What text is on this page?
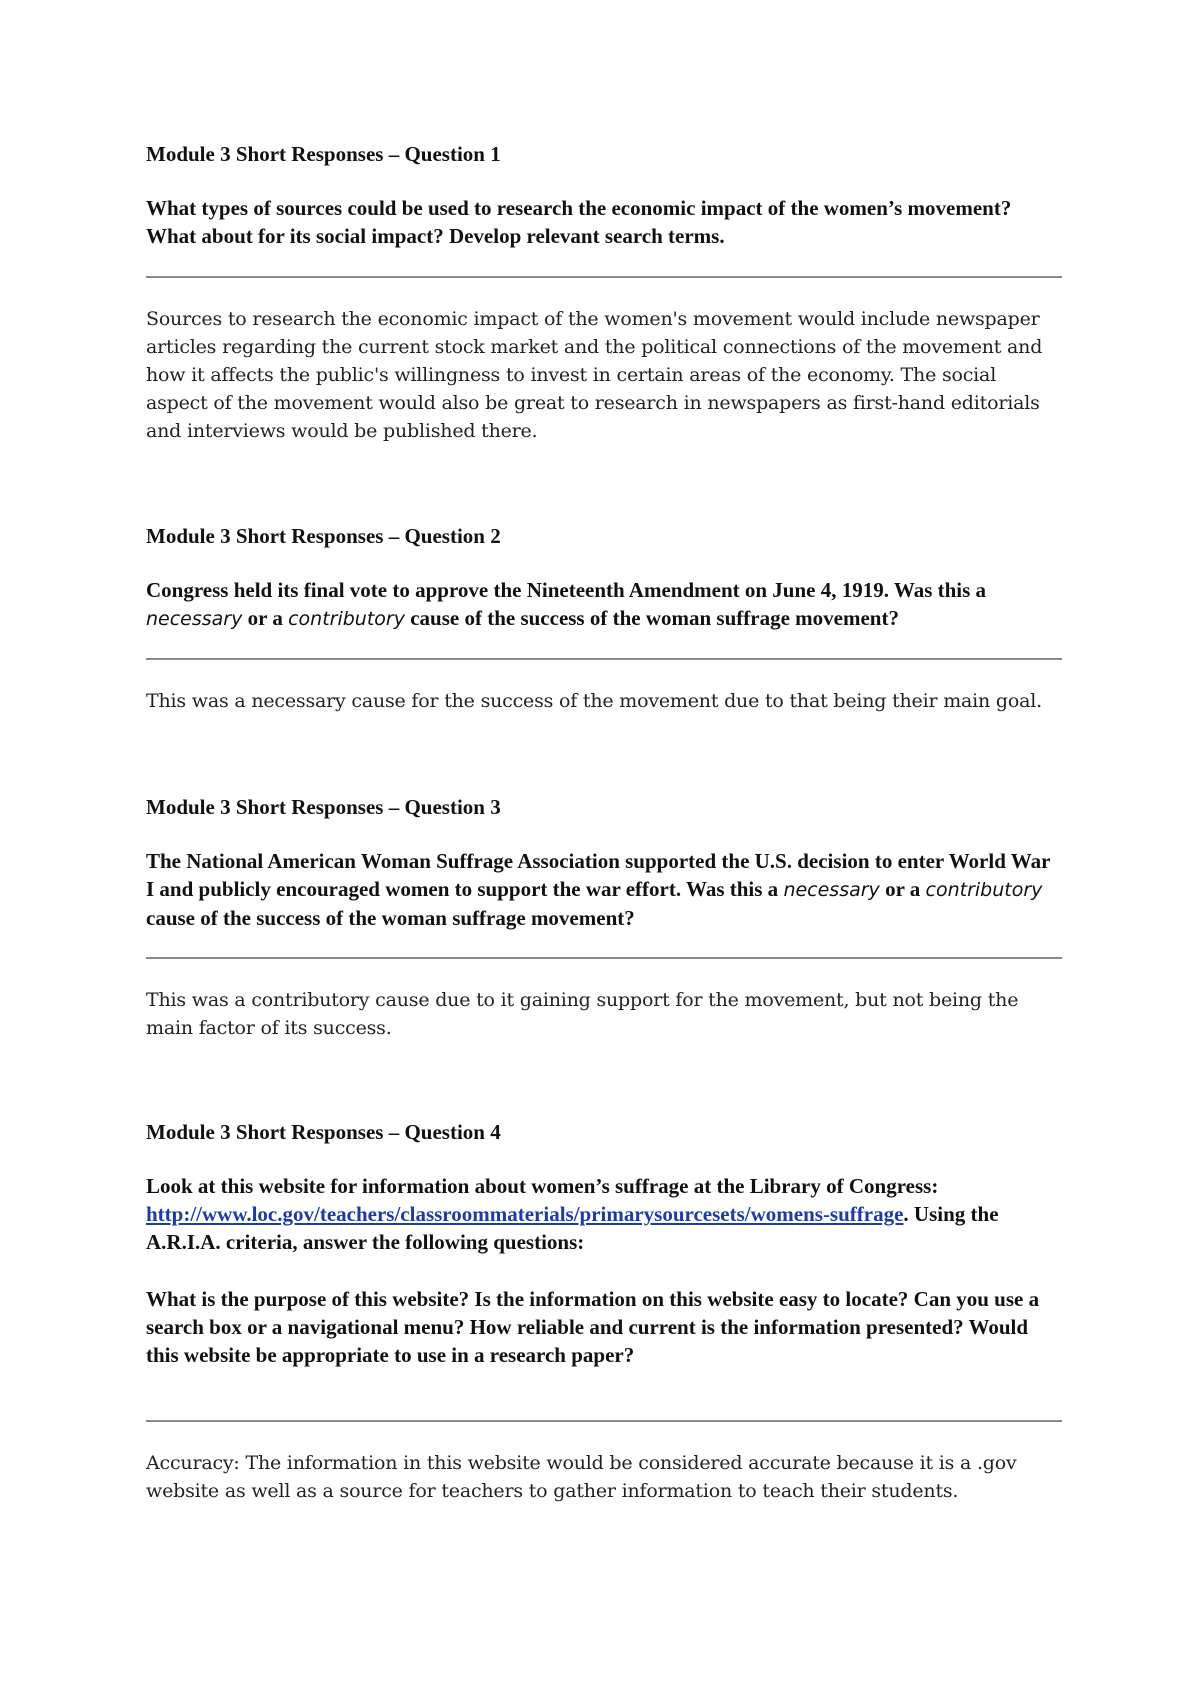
Module 3 Short Responses – Question 1

What types of sources could be used to research the economic impact of the women’s movement? What about for its social impact? Develop relevant search terms.

Sources to research the economic impact of the women's movement would include newspaper articles regarding the current stock market and the political connections of the movement and how it affects the public's willingness to invest in certain areas of the economy. The social aspect of the movement would also be great to research in newspapers as first-hand editorials and interviews would be published there.

Module 3 Short Responses – Question 2

Congress held its final vote to approve the Nineteenth Amendment on June 4, 1919. Was this a necessary or a contributory cause of the success of the woman suffrage movement?

This was a necessary cause for the success of the movement due to that being their main goal.

Module 3 Short Responses – Question 3

The National American Woman Suffrage Association supported the U.S. decision to enter World War I and publicly encouraged women to support the war effort. Was this a necessary or a contributory cause of the success of the woman suffrage movement?

This was a contributory cause due to it gaining support for the movement, but not being the main factor of its success.

Module 3 Short Responses – Question 4

Look at this website for information about women’s suffrage at the Library of Congress: http://www.loc.gov/teachers/classroommaterials/primarysourcesets/womens-suffrage. Using the A.R.I.A. criteria, answer the following questions:

What is the purpose of this website? Is the information on this website easy to locate? Can you use a search box or a navigational menu? How reliable and current is the information presented? Would this website be appropriate to use in a research paper?

Accuracy: The information in this website would be considered accurate because it is a .gov website as well as a source for teachers to gather information to teach their students.
